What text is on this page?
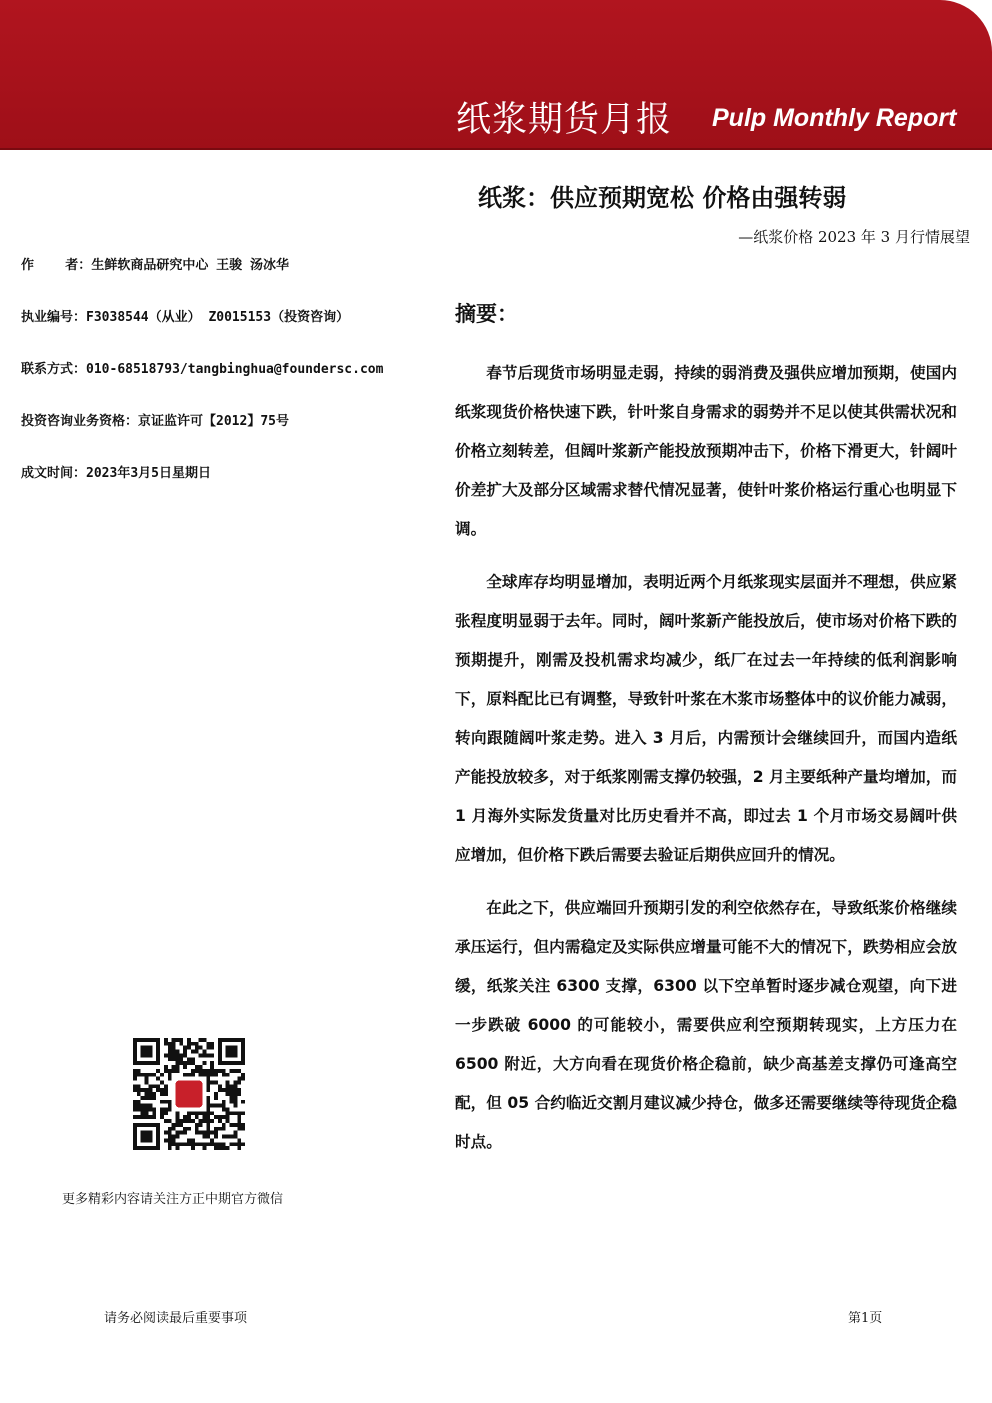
纸浆期货月报 Pulp Monthly Report
纸浆：供应预期宽松 价格由强转弱
—纸浆价格 2023 年 3 月行情展望
作    者：生鲜软商品研究中心 王骏 汤冰华
执业编号：F3038544（从业） Z0015153（投资咨询）
联系方式：010-68518793/tangbinghua@foundersc.com
投资咨询业务资格：京证监许可【2012】75号
成文时间：2023年3月5日星期日
摘要：

春节后现货市场明显走弱，持续的弱消费及强供应增加预期，使国内纸浆现货价格快速下跌，针叶浆自身需求的弱势并不足以使其供需状况和价格立刻转差，但阔叶浆新产能投放预期冲击下，价格下滑更大，针阔叶价差扩大及部分区域需求替代情况显著，使针叶浆价格运行重心也明显下调。

全球库存均明显增加，表明近两个月纸浆现实层面并不理想，供应紧张程度明显弱于去年。同时，阔叶浆新产能投放后，使市场对价格下跌的预期提升，刚需及投机需求均减少，纸厂在过去一年持续的低利润影响下，原料配比已有调整，导致针叶浆在木浆市场整体中的议价能力减弱，转向跟随阔叶浆走势。进入 3 月后，内需预计会继续回升，而国内造纸产能投放较多，对于纸浆刚需支撑仍较强，2 月主要纸种产量均增加，而 1 月海外实际发货量对比历史看并不高，即过去 1 个月市场交易阔叶供应增加，但价格下跌后需要去验证后期供应回升的情况。

在此之下，供应端回升预期引发的利空依然存在，导致纸浆价格继续承压运行，但内需稳定及实际供应增量可能不大的情况下，跌势相应会放缓，纸浆关注 6300 支撑，6300 以下空单暂时逐步减仓观望，向下进一步跌破 6000 的可能较小，需要供应利空预期转现实，上方压力在 6500 附近，大方向看在现货价格企稳前，缺少高基差支撑仍可逢高空配，但 05 合约临近交割月建议减少持仓，做多还需要继续等待现货企稳时点。

更多精彩内容请关注方正中期官方微信
请务必阅读最后重要事项	第1页
